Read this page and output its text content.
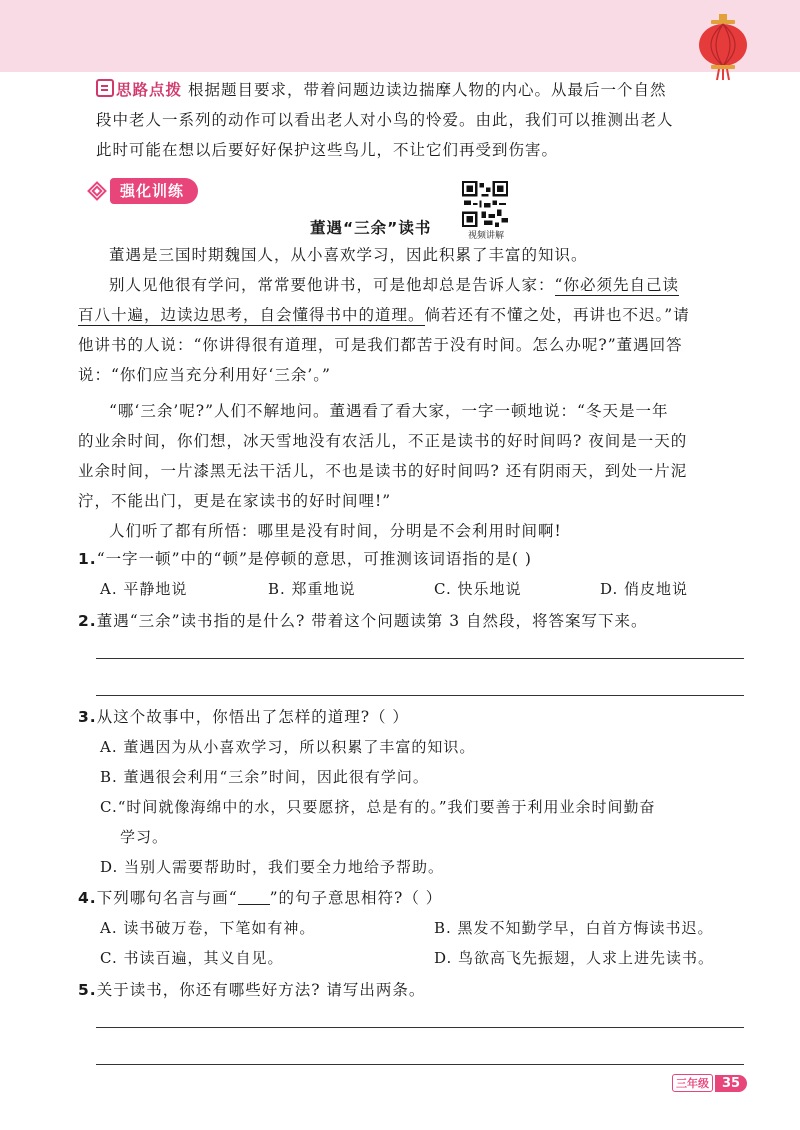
思路点拨 根据题目要求，带着问题边读边揣摩人物的内心。从最后一个自然
段中老人一系列的动作可以看出老人对小鸟的怜爱。由此，我们可以推测出老人
此时可能在想以后要好好保护这些鸟儿，不让它们再受到伤害。
强化训练
视频讲解
董遇“三余”读书
董遇是三国时期魏国人，从小喜欢学习，因此积累了丰富的知识。
别人见他很有学问，常常要他讲书，可是他却总是告诉人家：“你必须先自己读
百八十遍，边读边思考，自会懂得书中的道理。倘若还有不懂之处，再讲也不迟。”请
他讲书的人说：“你讲得很有道理，可是我们都苦于没有时间。怎么办呢?”董遇回答
说：“你们应当充分利用好‘三余’。”
“哪‘三余’呢?”人们不解地问。董遇看了看大家，一字一顿地说：“冬天是一年
的业余时间，你们想，冰天雪地没有农活儿，不正是读书的好时间吗? 夜间是一天的
业余时间，一片漆黑无法干活儿，不也是读书的好时间吗? 还有阴雨天，到处一片泥
泞，不能出门，更是在家读书的好时间哩!”
人们听了都有所悟：哪里是没有时间，分明是不会利用时间啊!
1.“一字一顿”中的“顿”是停顿的意思，可推测该词语指的是( )
A. 平静地说	B. 郑重地说	C. 快乐地说	D. 俏皮地说
2.董遇“三余”读书指的是什么? 带着这个问题读第 3 自然段，将答案写下来。
3.从这个故事中，你悟出了怎样的道理?（ ）
A. 董遇因为从小喜欢学习，所以积累了丰富的知识。
B. 董遇很会利用“三余”时间，因此很有学问。
C.“时间就像海绵中的水，只要愿挤，总是有的。”我们要善于利用业余时间勤奋
学习。
D. 当别人需要帮助时，我们要全力地给予帮助。
4.下列哪句名言与画“ ”的句子意思相符?（ ）
A. 读书破万卷，下笔如有神。	B. 黑发不知勤学早，白首方悔读书迟。
C. 书读百遍，其义自见。	D. 鸟欲高飞先振翅，人求上进先读书。
5.关于读书，你还有哪些好方法? 请写出两条。
三年级	35
